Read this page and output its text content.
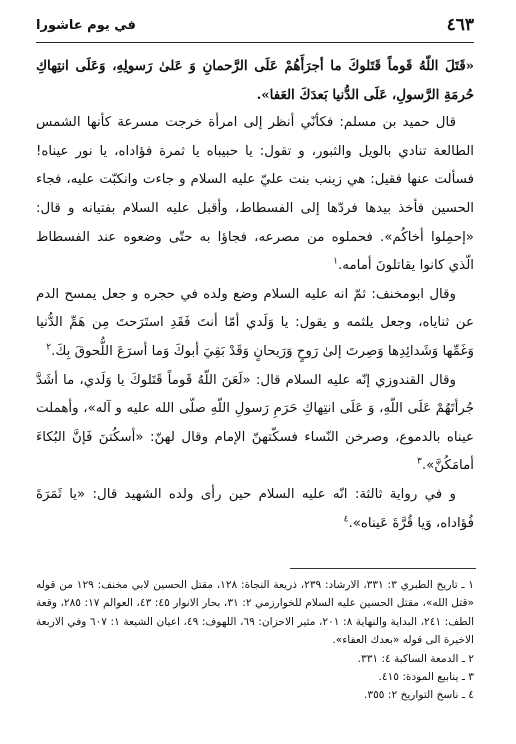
٤٦٣
في يوم عاشورا

«قَتَلَ اللّهُ قَوماً قَتَلوكَ ما أجرَأَهُمْ عَلَى الرَّحمانِ وَ عَلىٰ رَسولِهِ، وَعَلَى انتِهاكِ حُرمَةِ الرَّسولِ، عَلَى الدُّنيا بَعدَكَ العَفا».

قال حميد بن مسلم: فكأنّي أنظر إلى امرأة خرجت مسرعة كأنها الشمس الطالعة تنادي بالويل والثبور، و تقول: يا حبيباه يا ثمرة فؤاداه، يا نور عيناه! فسألت عنها فقيل: هي زينب بنت عليّ عليه السلام و جاءت وانكبّت عليه، فجاء الحسين فأخذ بيدها فردّها إلى الفسطاط، وأقبل عليه السلام بفتيانه و قال: «إحمِلوا أخاكُم». فحملوه من مصرعه، فجاؤا به حتّى وضعوه عند الفسطاط الّذي كانوا يقاتلونَ أمامه.$^١$

وقال ابومخنف: ثمّ انه عليه السلام وضع ولده في حجره و جعل يمسح الدم عن ثناياه، وجعل يلثمه و يقول: يا وَلَدي أمّا أنتَ فَقَدِ استَرَحتَ مِن هَمِّ الدُّنيا وَغَمِّها وَشَدائِدِها وَصِرتَ إلىٰ رَوحٍ وَرَيحانٍ وَقَدْ بَقِيَ أبوكَ وَما أسرَعَ اللُّحوقَ بِكَ.$^٢$

وقال القندوزي إنّه عليه السلام قال: «لَعَنَ اللّهُ قَوماً قَتَلوكَ يا وَلَدي، ما أشَدَّ جُرأتَهُمْ عَلَى اللّهِ، وَ عَلَى انتِهاكِ حَرَمِ رَسولِ اللّهِ صلّى الله عليه و آله»، وأهملت عيناه بالدموع، وصرخن النّساء فسكّتهنّ الإمام وقال لهنّ: «أسكُتنَ فَإنَّ البُكاءَ أمامَكُنَّ».$^٣$

و في رواية ثالثة: انّه عليه السلام حين رأى ولده الشهيد قال: «يا ثَمَرَةَ فُؤاداه، وَيا قُرَّةَ عَيناه».$^٤$

١ ـ تاريخ الطبري ٣: ٣٣١، الارشاد: ٢٣٩، ذريعة النجاة: ١٢٨، مقتل الحسين لابي مخنف: ١٢٩ من قوله «قتل الله»، مقتل الحسين عليه السلام للخوارزمي ٢: ٣١، بحار الانوار ٤٥: ٤٣، العوالم ١٧: ٢٨٥، وقعة الطف: ٢٤١، البداية والنهاية ٨: ٢٠١، مثير الاحزان: ٦٩، اللهوف: ٤٩، اعيان الشيعة ١: ٦٠٧ وفي الاربعة الاخيرة الى قوله «بعدك العفاء».

٢ ـ الدمعة الساكبة ٤: ٣٣١.

٣ ـ ينابيع المودة: ٤١٥.

٤ ـ ناسخ التواريخ ٢: ٣٥٥.
